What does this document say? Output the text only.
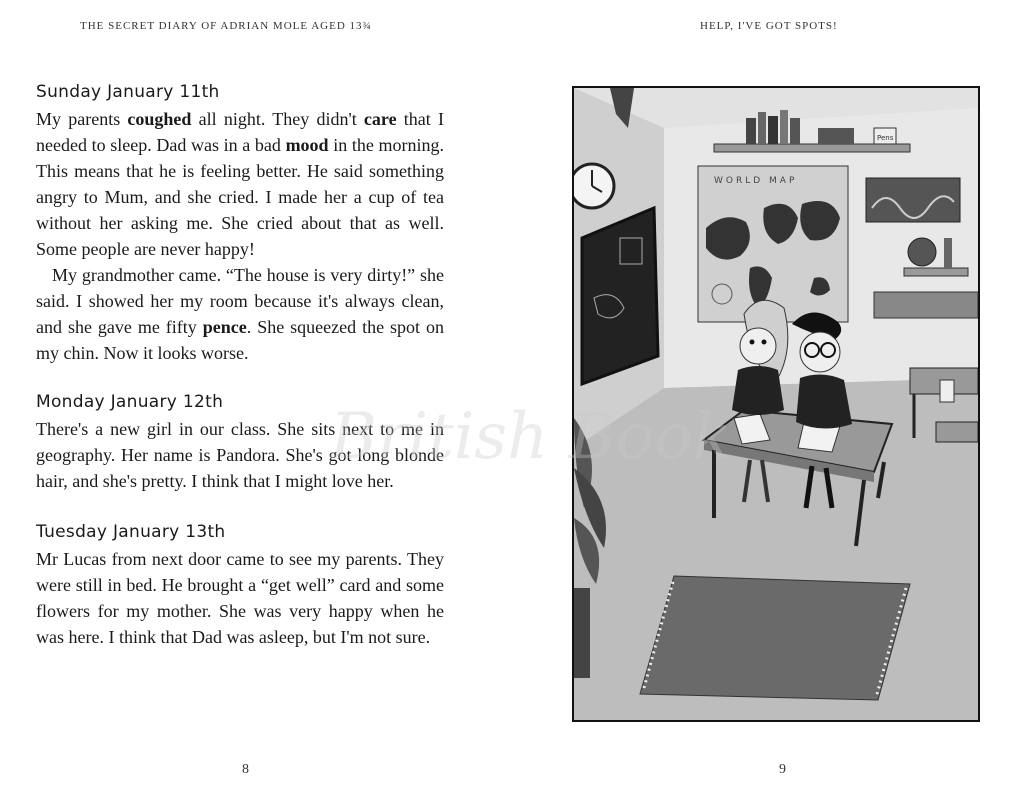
THE SECRET DIARY OF ADRIAN MOLE AGED 13¾	HELP, I'VE GOT SPOTS!
Sunday January 11th

My parents coughed all night. They didn't care that I needed to sleep. Dad was in a bad mood in the morning. This means that he is feeling better. He said something angry to Mum, and she cried. I made her a cup of tea without her asking me. She cried about that as well. Some people are never happy!

My grandmother came. “The house is very dirty!” she said. I showed her my room because it's always clean, and she gave me fifty pence. She squeezed the spot on my chin. Now it looks worse.

Monday January 12th

There's a new girl in our class. She sits next to me in geography. Her name is Pandora. She's got long blonde hair, and she's pretty. I think that I might love her.

Tuesday January 13th

Mr Lucas from next door came to see my parents. They were still in bed. He brought a “get well” card and some flowers for my mother. She was very happy when he was here. I think that Dad was asleep, but I'm not sure.

Pens
WORLD MAP
British Book
8	9
